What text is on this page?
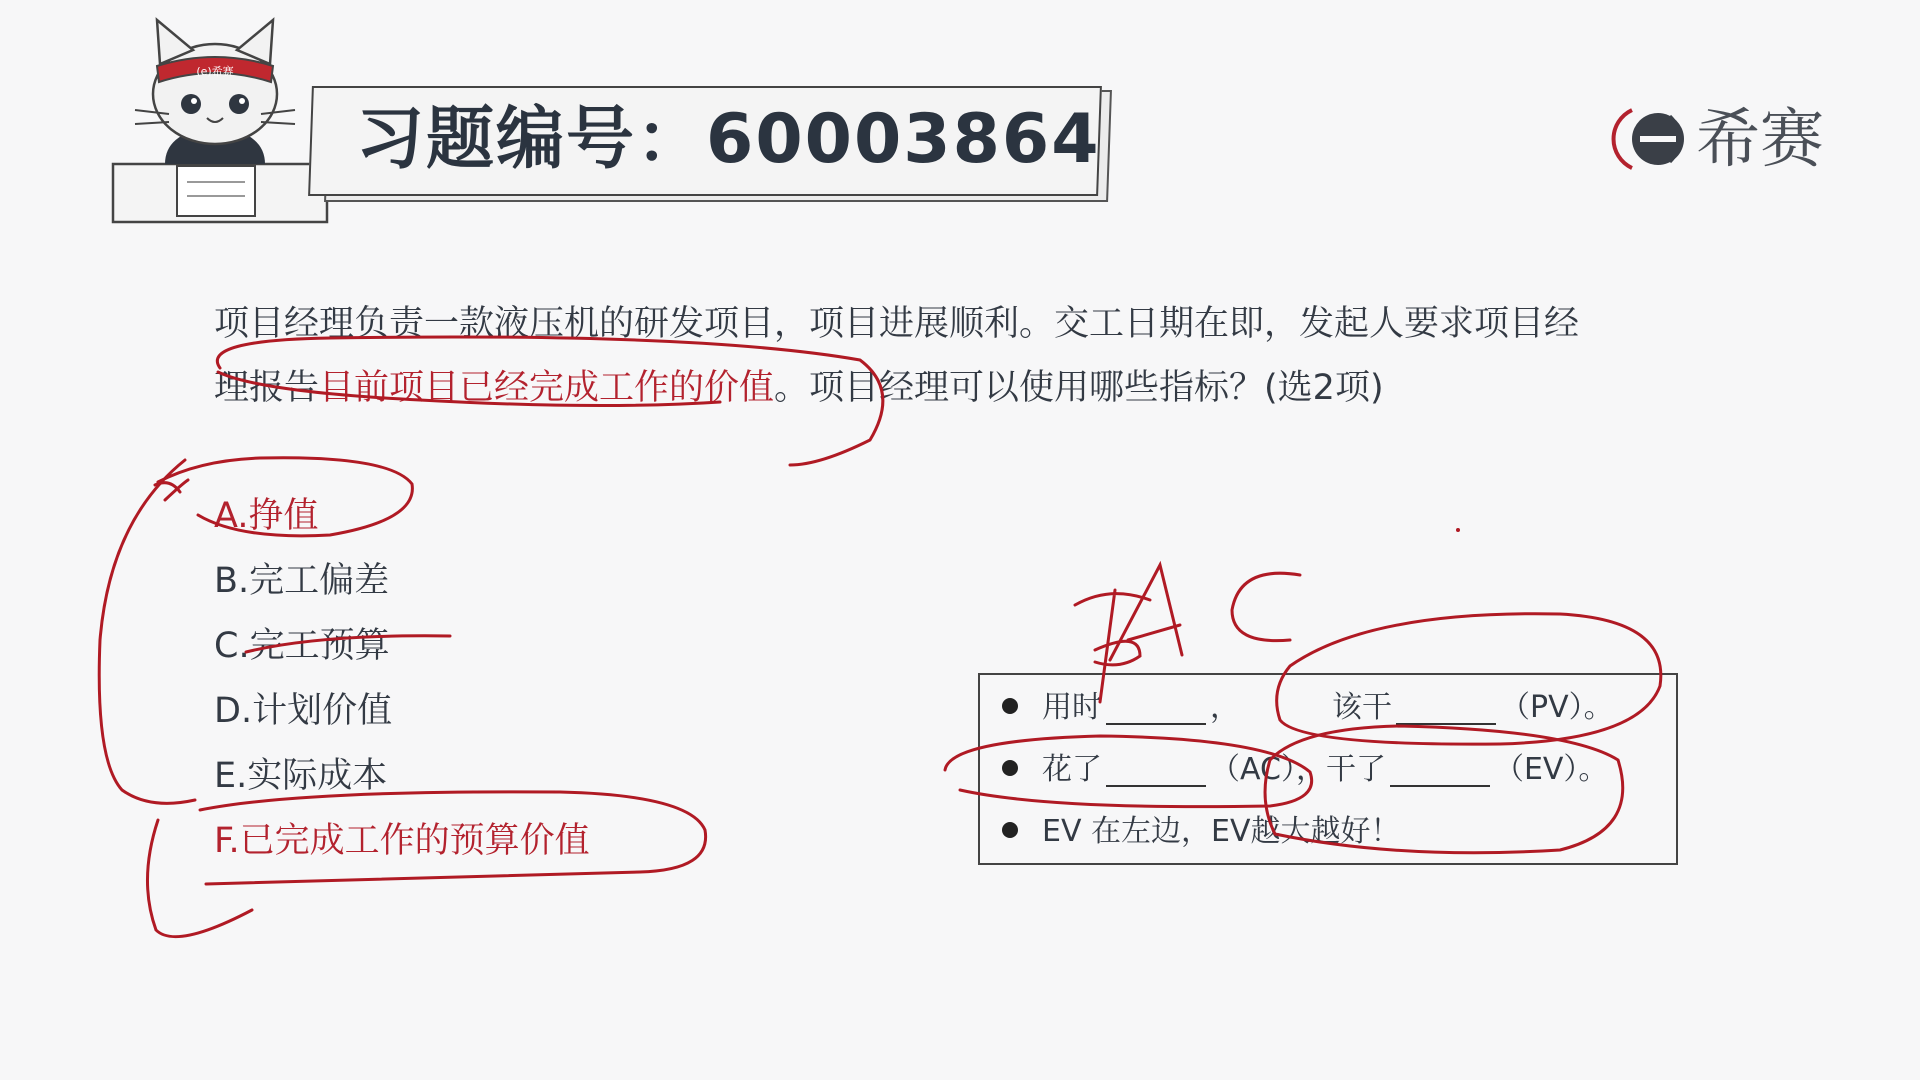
(e)希赛
习题编号：60003864	希赛
项目经理负责一款液压机的研发项目，项目进展顺利。交工日期在即，发起人要求项目经
理报告目前项目已经完成工作的价值。项目经理可以使用哪些指标？(选2项)
A.挣值
B.完工偏差
C.完工预算
D.计划价值
E.实际成本
F.已完成工作的预算价值
用时	，	该干	（PV）。
花了	（AC），干了	（EV）。
EV 在左边，EV越大越好！
BAC
